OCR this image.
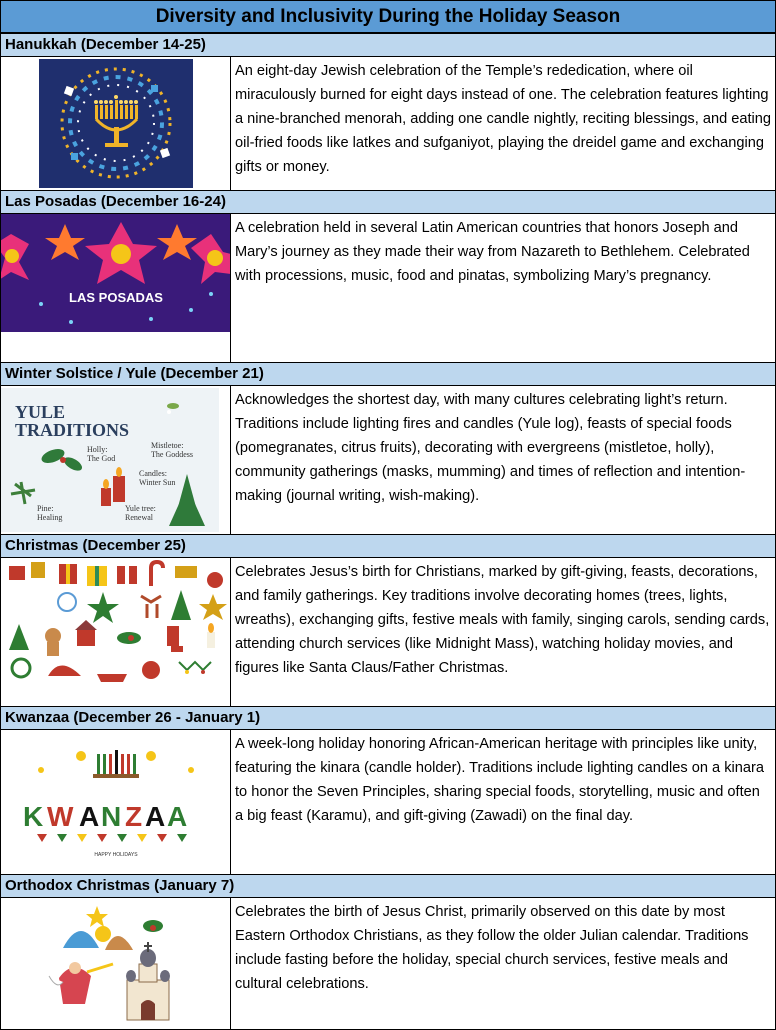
Diversity and Inclusivity During the Holiday Season
Hanukkah (December 14-25)
An eight-day Jewish celebration of the Temple’s rededication, where oil miraculously burned for eight days instead of one. The celebration features lighting a nine-branched menorah, adding one candle nightly, reciting blessings, and eating oil-fried foods like latkes and sufganiyot, playing the dreidel game and exchanging gifts or money.
Las Posadas (December 16-24)
LAS POSADAS
A celebration held in several Latin American countries that honors Joseph and Mary’s journey as they made their way from Nazareth to Bethlehem. Celebrated with processions, music, food and pinatas, symbolizing Mary’s pregnancy.
Winter Solstice / Yule (December 21)
YULE
TRADITIONS
Holly:
The God
Mistletoe:
The Goddess
Candles:
Winter Sun
Pine:
Healing
Yule tree:
Renewal
Acknowledges the shortest day, with many cultures celebrating light’s return. Traditions include lighting fires and candles (Yule log), feasts of special foods (pomegranates, citrus fruits), decorating with evergreens (mistletoe, holly), community gatherings (masks, mumming) and times of reflection and intention-making (journal writing, wish-making).
Christmas (December 25)
Celebrates Jesus’s birth for Christians, marked by gift-giving, feasts, decorations, and family gatherings. Key traditions involve decorating homes (trees, lights, wreaths), exchanging gifts, festive meals with family, singing carols, sending cards, attending church services (like Midnight Mass), watching holiday movies, and figures like Santa Claus/Father Christmas.
Kwanzaa (December 26 - January 1)
K W A N Z A A
HAPPY HOLIDAYS
A week-long holiday honoring African-American heritage with principles like unity, featuring the kinara (candle holder). Traditions include lighting candles on a kinara to honor the Seven Principles, sharing special foods, storytelling, music and often a big feast (Karamu), and gift-giving (Zawadi) on the final day.
Orthodox Christmas (January 7)
Celebrates the birth of Jesus Christ, primarily observed on this date by most Eastern Orthodox Christians, as they follow the older Julian calendar. Traditions include fasting before the holiday, special church services, festive meals and cultural celebrations.
